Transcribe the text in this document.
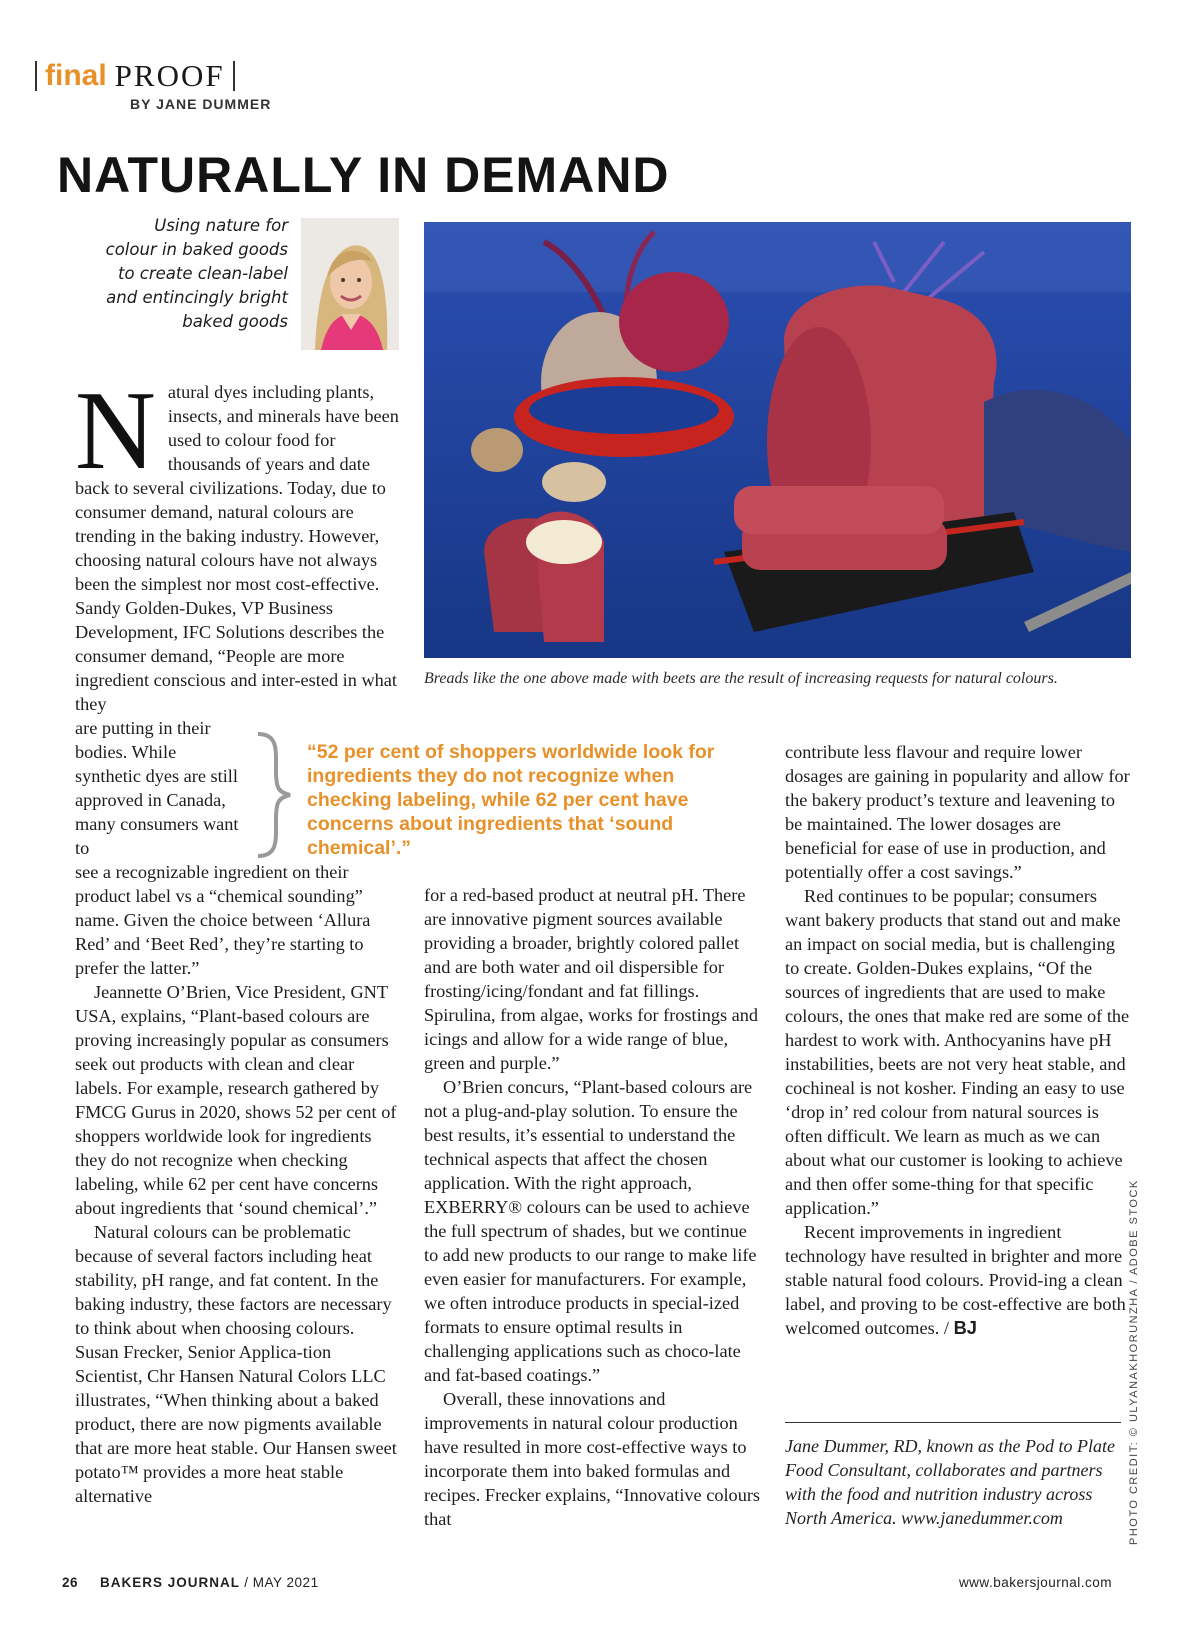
final PROOF
BY JANE DUMMER
NATURALLY IN DEMAND
Using nature for colour in baked goods to create clean-label and entincingly bright baked goods
Breads like the one above made with beets are the result of increasing requests for natural colours.

Natural dyes including plants, insects, and minerals have been used to colour food for thousands of years and date back to several civilizations. Today, due to consumer demand, natural colours are trending in the baking industry. However, choosing natural colours have not always been the simplest nor most cost-effective. Sandy Golden-Dukes, VP Business Development, IFC Solutions describes the consumer demand, “People are more ingredient conscious and inter-ested in what they

are putting in their bodies. While synthetic dyes are still approved in Canada, many consumers want to

see a recognizable ingredient on their product label vs a “chemical sounding” name. Given the choice between ‘Allura Red’ and ‘Beet Red’, they’re starting to prefer the latter.”

Jeannette O’Brien, Vice President, GNT USA, explains, “Plant-based colours are proving increasingly popular as consumers seek out products with clean and clear labels. For example, research gathered by FMCG Gurus in 2020, shows 52 per cent of shoppers worldwide look for ingredients they do not recognize when checking labeling, while 62 per cent have concerns about ingredients that ‘sound chemical’.”

Natural colours can be problematic because of several factors including heat stability, pH range, and fat content. In the baking industry, these factors are necessary to think about when choosing colours. Susan Frecker, Senior Applica-tion Scientist, Chr Hansen Natural Colors LLC illustrates, “When thinking about a baked product, there are now pigments available that are more heat stable. Our Hansen sweet potato™ provides a more heat stable alternative

“52 per cent of shoppers worldwide look for ingredients they do not recognize when checking labeling, while 62 per cent have concerns about ingredients that ‘sound chemical’.”

for a red-based product at neutral pH. There are innovative pigment sources available providing a broader, brightly colored pallet and are both water and oil dispersible for frosting/icing/fondant and fat fillings. Spirulina, from algae, works for frostings and icings and allow for a wide range of blue, green and purple.”

O’Brien concurs, “Plant-based colours are not a plug-and-play solution. To ensure the best results, it’s essential to understand the technical aspects that affect the chosen application. With the right approach, EXBERRY® colours can be used to achieve the full spectrum of shades, but we continue to add new products to our range to make life even easier for manufacturers. For example, we often introduce products in special-ized formats to ensure optimal results in challenging applications such as choco-late and fat-based coatings.”

Overall, these innovations and improvements in natural colour production have resulted in more cost-effective ways to incorporate them into baked formulas and recipes. Frecker explains, “Innovative colours that

contribute less flavour and require lower dosages are gaining in popularity and allow for the bakery product’s texture and leavening to be maintained. The lower dosages are beneficial for ease of use in production, and potentially offer a cost savings.”

Red continues to be popular; consumers want bakery products that stand out and make an impact on social media, but is challenging to create. Golden-Dukes explains, “Of the sources of ingredients that are used to make colours, the ones that make red are some of the hardest to work with. Anthocyanins have pH instabilities, beets are not very heat stable, and cochineal is not kosher. Finding an easy to use ‘drop in’ red colour from natural sources is often difficult. We learn as much as we can about what our customer is looking to achieve and then offer some-thing for that specific application.”

Recent improvements in ingredient technology have resulted in brighter and more stable natural food colours. Provid-ing a clean label, and proving to be cost-effective are both welcomed outcomes. / BJ

Jane Dummer, RD, known as the Pod to Plate Food Consultant, collaborates and partners with the food and nutrition industry across North America. www.janedummer.com	PHOTO CREDIT: © ULYANAKHORUNZHA / ADOBE STOCK
26 BAKERS JOURNAL / MAY 2021	www.bakersjournal.com
